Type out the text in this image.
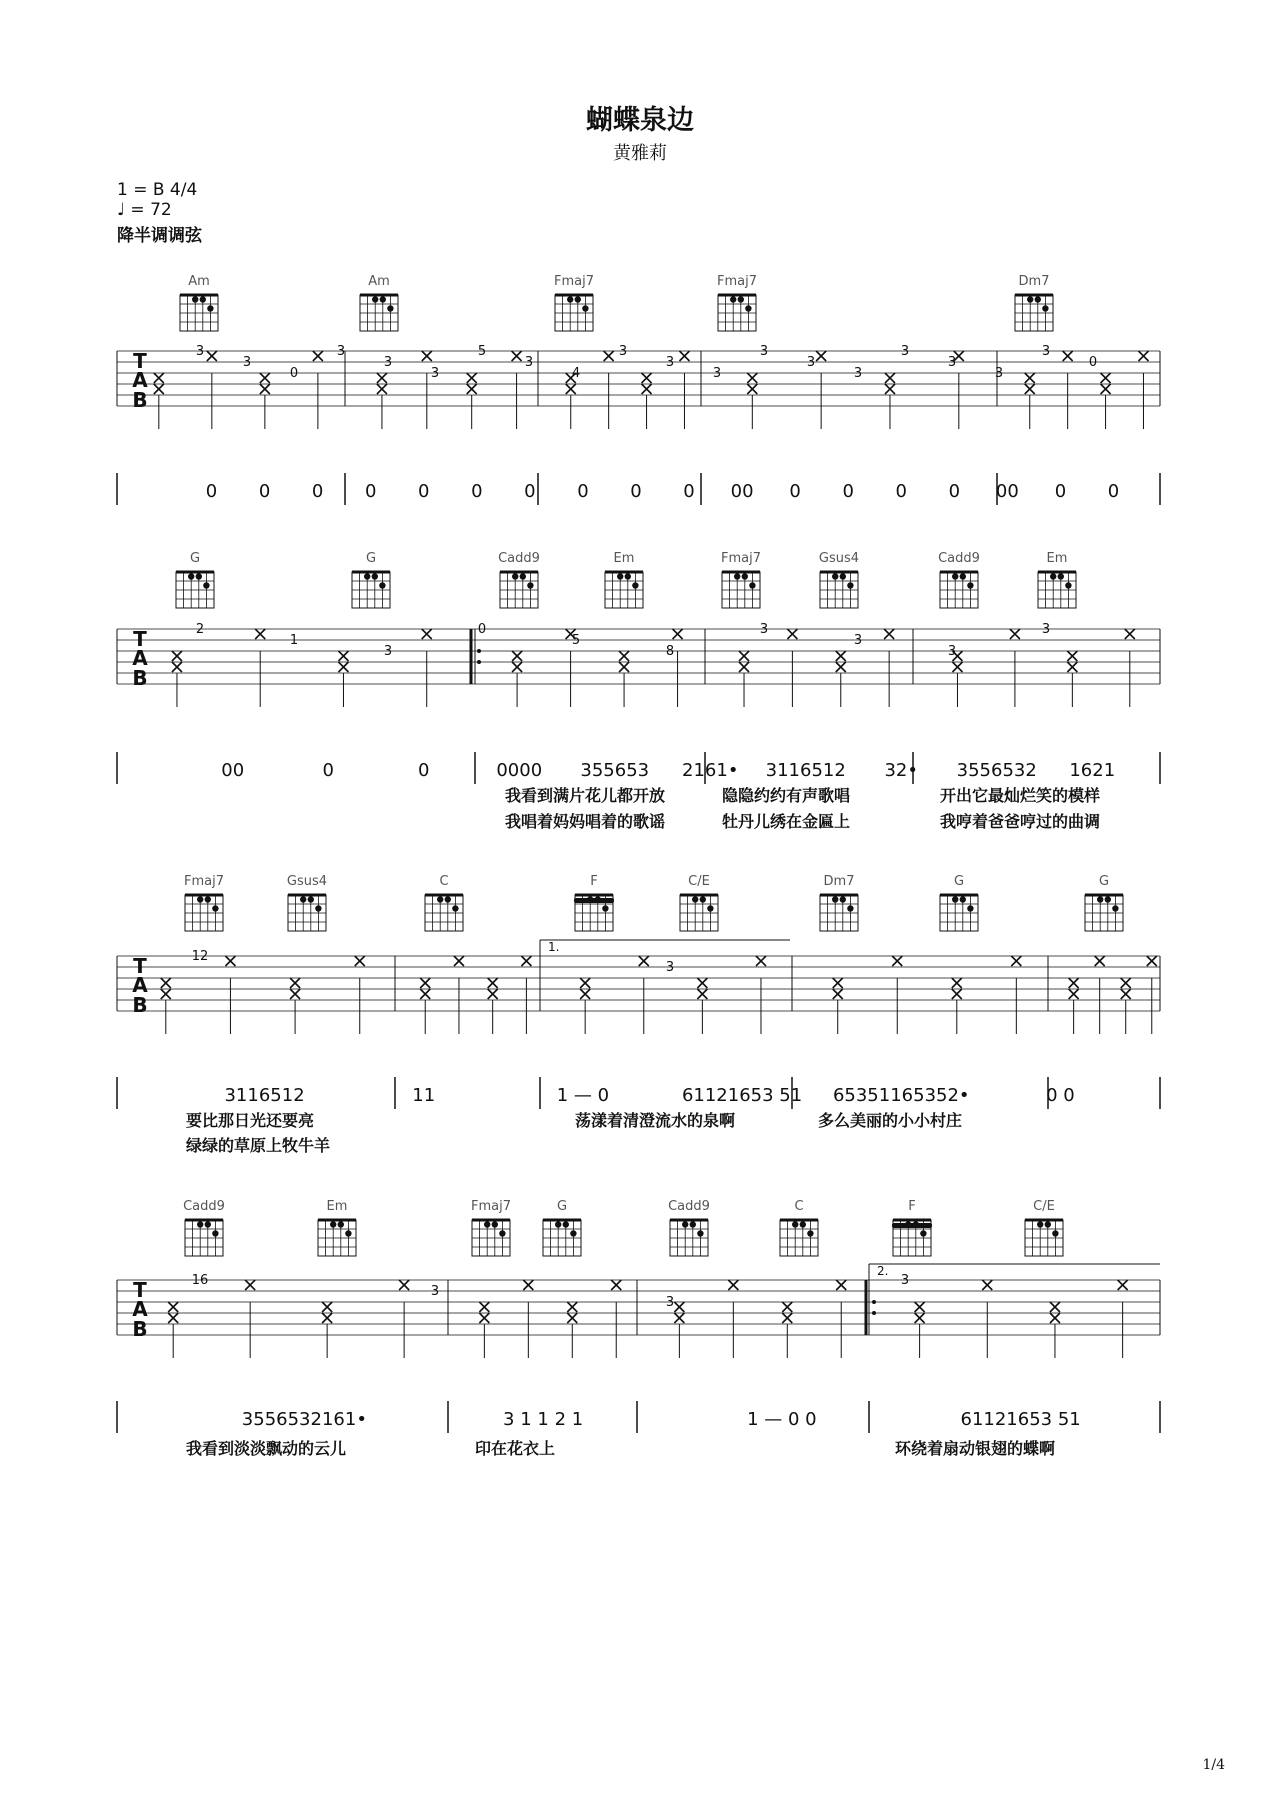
蝴蝶泉边
黄雅莉
1 = B 4/4
♩ = 72
降半调调弦
1/4
Am	Am	Fmaj7	Fmaj7	Dm7
T
A
B
3
3
0
3
3
3
5
3
4
3
3
3
3
3
3
3
3
3
3
0
0 0 0 0 0 0 0 0 0 0 00 0 0 0 0 00 0 0
G	G	Cadd9	Em	Fmaj7	Gsus4	Cadd9	Em
T
A
B
2
1
3
0
5
8
3
3
3
3
00	0	0	0000 355653 2161• 3116512 32• 3556532 1621
我看到满片花儿都开放	隐隐约约有声歌唱	开出它最灿烂笑的模样
我唱着妈妈唱着的歌谣	牡丹儿绣在金匾上	我哼着爸爸哼过的曲调
Fmaj7	Gsus4	C	F	C/E	Dm7	G	G
T
A
B
12
3
1.
3116512	11	1 — 0	61121653 51 65351165352•	0 0
要比那日光还要亮	荡漾着清澄流水的泉啊	多么美丽的小小村庄
绿绿的草原上牧牛羊
Cadd9	Em	Fmaj7	G	Cadd9	C	F	C/E
T
A
B
16
3
3
3
2.
3556532161•	3 1 1 2 1	1 — 0 0	61121653 51
我看到淡淡飘动的云儿	印在花衣上	环绕着扇动银翅的蝶啊
